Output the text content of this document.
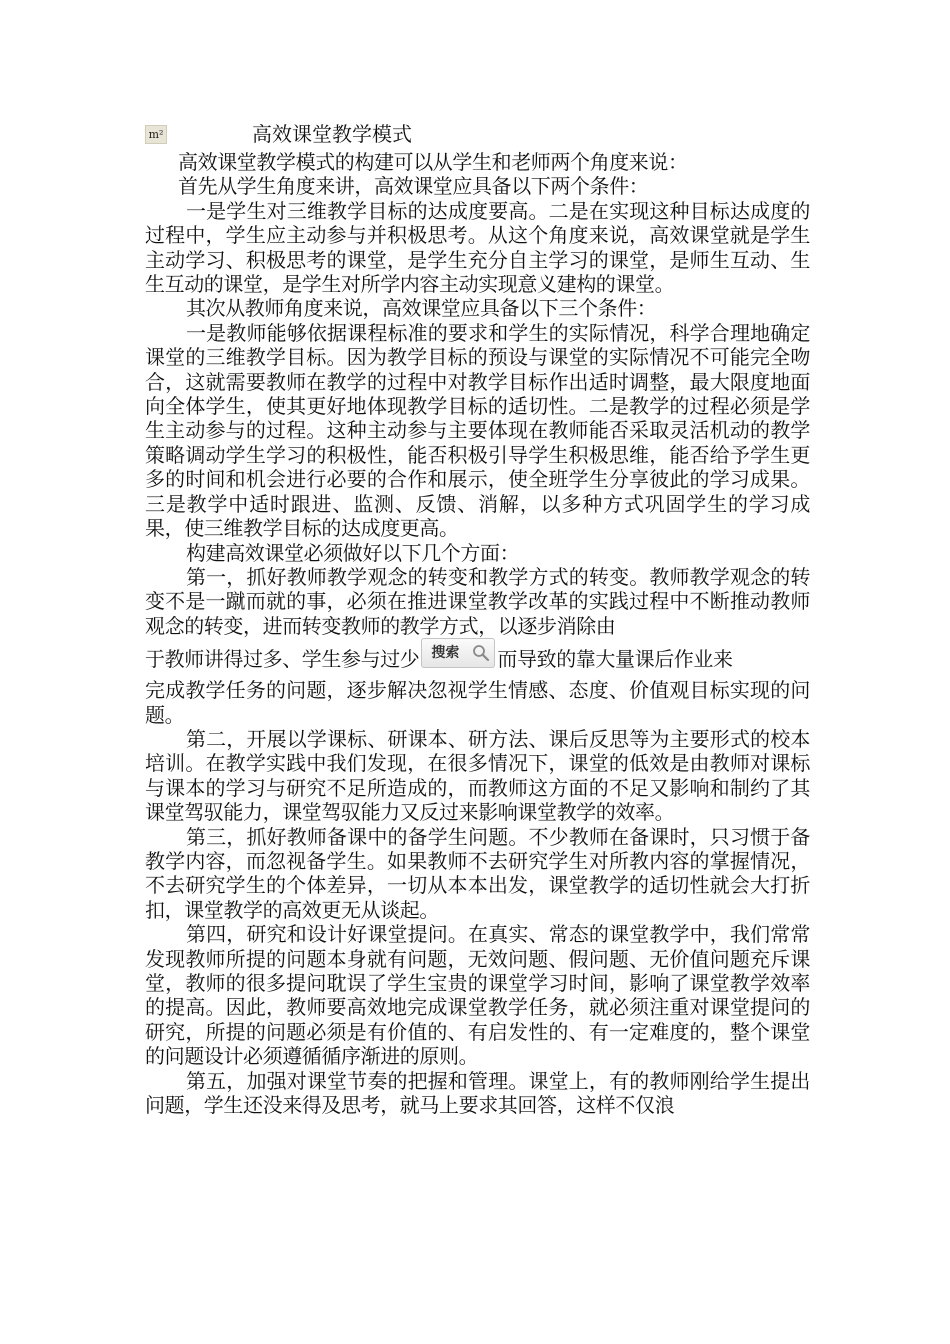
m²	高效课堂教学模式

高效课堂教学模式的构建可以从学生和老师两个角度来说：

首先从学生角度来讲，高效课堂应具备以下两个条件：

一是学生对三维教学目标的达成度要高。二是在实现这种目标达成度的过程中，学生应主动参与并积极思考。从这个角度来说，高效课堂就是学生主动学习、积极思考的课堂，是学生充分自主学习的课堂，是师生互动、生生互动的课堂，是学生对所学内容主动实现意义建构的课堂。

其次从教师角度来说，高效课堂应具备以下三个条件：

一是教师能够依据课程标准的要求和学生的实际情况，科学合理地确定课堂的三维教学目标。因为教学目标的预设与课堂的实际情况不可能完全吻合，这就需要教师在教学的过程中对教学目标作出适时调整，最大限度地面向全体学生，使其更好地体现教学目标的适切性。二是教学的过程必须是学生主动参与的过程。这种主动参与主要体现在教师能否采取灵活机动的教学策略调动学生学习的积极性，能否积极引导学生积极思维，能否给予学生更多的时间和机会进行必要的合作和展示，使全班学生分享彼此的学习成果。三是教学中适时跟进、监测、反馈、消解，以多种方式巩固学生的学习成果，使三维教学目标的达成度更高。

构建高效课堂必须做好以下几个方面：

第一，抓好教师教学观念的转变和教学方式的转变。教师教学观念的转变不是一蹴而就的事，必须在推进课堂教学改革的实践过程中不断推动教师观念的转变，进而转变教师的教学方式，以逐步消除由

于教师讲得过多、学生参与过少 搜索 而导致的靠大量课后作业来

完成教学任务的问题，逐步解决忽视学生情感、态度、价值观目标实现的问题。

第二，开展以学课标、研课本、研方法、课后反思等为主要形式的校本培训。在教学实践中我们发现，在很多情况下，课堂的低效是由教师对课标与课本的学习与研究不足所造成的，而教师这方面的不足又影响和制约了其课堂驾驭能力，课堂驾驭能力又反过来影响课堂教学的效率。

第三，抓好教师备课中的备学生问题。不少教师在备课时，只习惯于备教学内容，而忽视备学生。如果教师不去研究学生对所教内容的掌握情况，不去研究学生的个体差异，一切从本本出发，课堂教学的适切性就会大打折扣，课堂教学的高效更无从谈起。

第四，研究和设计好课堂提问。在真实、常态的课堂教学中，我们常常发现教师所提的问题本身就有问题，无效问题、假问题、无价值问题充斥课堂，教师的很多提问耽误了学生宝贵的课堂学习时间，影响了课堂教学效率的提高。因此，教师要高效地完成课堂教学任务，就必须注重对课堂提问的研究，所提的问题必须是有价值的、有启发性的、有一定难度的，整个课堂的问题设计必须遵循循序渐进的原则。

第五，加强对课堂节奏的把握和管理。课堂上，有的教师刚给学生提出问题，学生还没来得及思考，就马上要求其回答，这样不仅浪
